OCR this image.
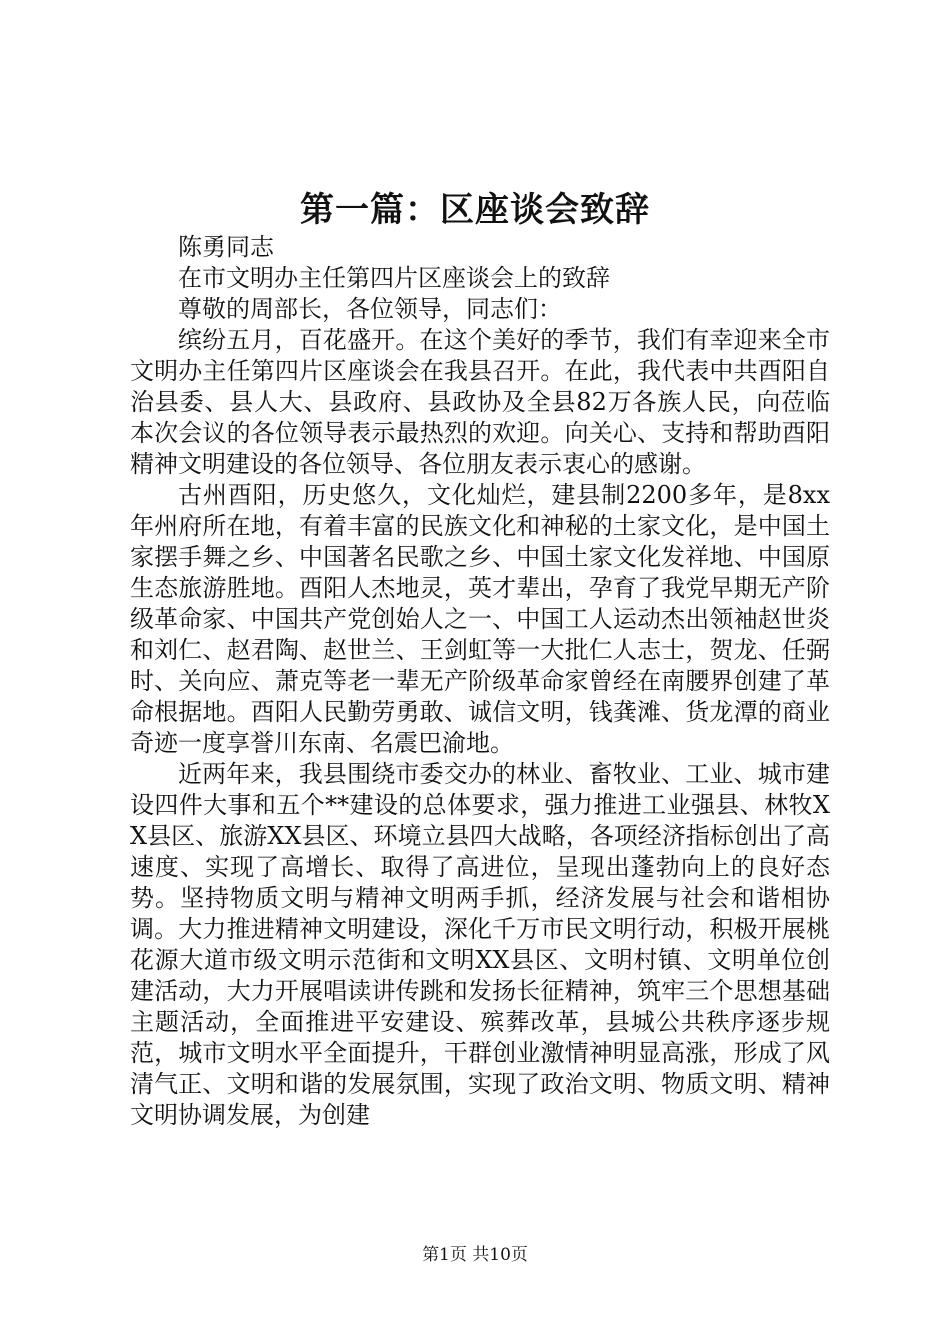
第一篇：区座谈会致辞

陈勇同志

在市文明办主任第四片区座谈会上的致辞

尊敬的周部长，各位领导，同志们：

缤纷五月，百花盛开。在这个美好的季节，我们有幸迎来全市文明办主任第四片区座谈会在我县召开。在此，我代表中共酉阳自治县委、县人大、县政府、县政协及全县82万各族人民，向莅临本次会议的各位领导表示最热烈的欢迎。向关心、支持和帮助酉阳精神文明建设的各位领导、各位朋友表示衷心的感谢。

古州酉阳，历史悠久，文化灿烂，建县制2200多年，是8xx年州府所在地，有着丰富的民族文化和神秘的土家文化，是中国土家摆手舞之乡、中国著名民歌之乡、中国土家文化发祥地、中国原生态旅游胜地。酉阳人杰地灵，英才辈出，孕育了我党早期无产阶级革命家、中国共产党创始人之一、中国工人运动杰出领袖赵世炎和刘仁、赵君陶、赵世兰、王剑虹等一大批仁人志士，贺龙、任弼时、关向应、萧克等老一辈无产阶级革命家曾经在南腰界创建了革命根据地。酉阳人民勤劳勇敢、诚信文明，钱龚滩、货龙潭的商业奇迹一度享誉川东南、名震巴渝地。

近两年来，我县围绕市委交办的林业、畜牧业、工业、城市建设四件大事和五个**建设的总体要求，强力推进工业强县、林牧XX县区、旅游XX县区、环境立县四大战略，各项经济指标创出了高速度、实现了高增长、取得了高进位，呈现出蓬勃向上的良好态势。坚持物质文明与精神文明两手抓，经济发展与社会和谐相协调。大力推进精神文明建设，深化千万市民文明行动，积极开展桃花源大道市级文明示范街和文明XX县区、文明村镇、文明单位创建活动，大力开展唱读讲传跳和发扬长征精神，筑牢三个思想基础主题活动，全面推进平安建设、殡葬改革，县城公共秩序逐步规范，城市文明水平全面提升，干群创业激情神明显高涨，形成了风清气正、文明和谐的发展氛围，实现了政治文明、物质文明、精神文明协调发展，为创建

第1页 共10页
